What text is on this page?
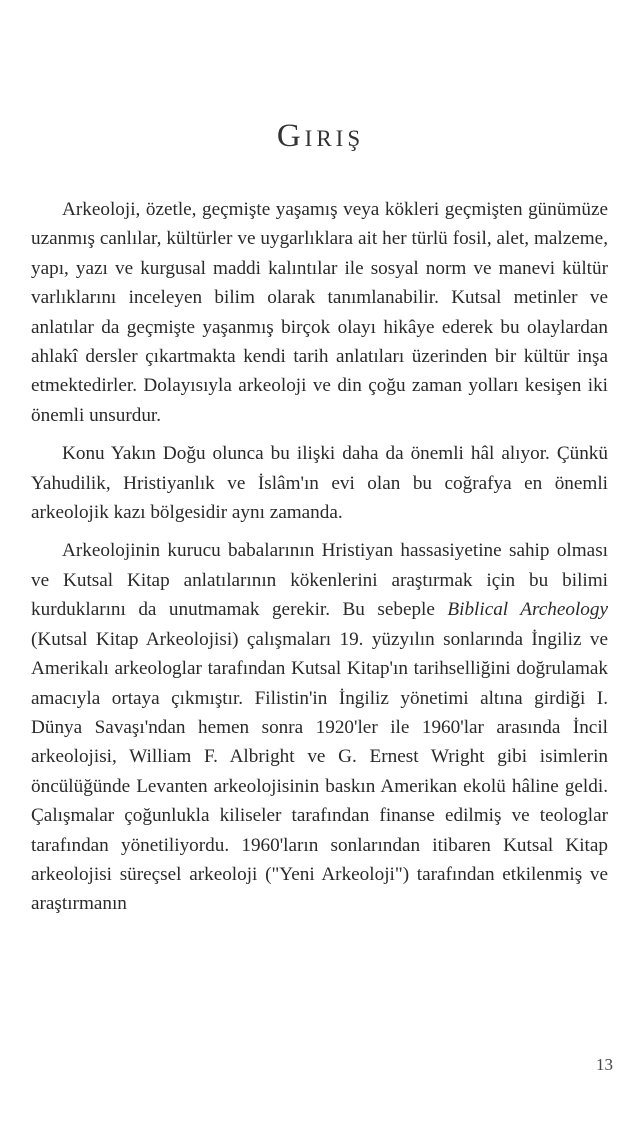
Giriş

Arkeoloji, özetle, geçmişte yaşamış veya kökleri geçmişten günümüze uzanmış canlılar, kültürler ve uygarlıklara ait her türlü fosil, alet, malzeme, yapı, yazı ve kurgusal maddi kalıntılar ile sosyal norm ve manevi kültür varlıklarını inceleyen bilim olarak tanımlanabilir. Kutsal metinler ve anlatılar da geçmişte yaşanmış birçok olayı hikâye ederek bu olaylardan ahlakî dersler çıkartmakta kendi tarih anlatıları üzerinden bir kültür inşa etmektedirler. Dolayısıyla arkeoloji ve din çoğu zaman yolları kesişen iki önemli unsurdur.

Konu Yakın Doğu olunca bu ilişki daha da önemli hâl alıyor. Çünkü Yahudilik, Hristiyanlık ve İslâm'ın evi olan bu coğrafya en önemli arkeolojik kazı bölgesidir aynı zamanda.

Arkeolojinin kurucu babalarının Hristiyan hassasiyetine sahip olması ve Kutsal Kitap anlatılarının kökenlerini araştırmak için bu bilimi kurduklarını da unutmamak gerekir. Bu sebeple Biblical Archeology (Kutsal Kitap Arkeolojisi) çalışmaları 19. yüzyılın sonlarında İngiliz ve Amerikalı arkeologlar tarafından Kutsal Kitap'ın tarihselliğini doğrulamak amacıyla ortaya çıkmıştır. Filistin'in İngiliz yönetimi altına girdiği I. Dünya Savaşı'ndan hemen sonra 1920'ler ile 1960'lar arasında İncil arkeolojisi, William F. Albright ve G. Ernest Wright gibi isimlerin öncülüğünde Levanten arkeolojisinin baskın Amerikan ekolü hâline geldi. Çalışmalar çoğunlukla kiliseler tarafından finanse edilmiş ve teologlar tarafından yönetiliyordu. 1960'ların sonlarından itibaren Kutsal Kitap arkeolojisi süreçsel arkeoloji ("Yeni Arkeoloji") tarafından etkilenmiş ve araştırmanın

13
